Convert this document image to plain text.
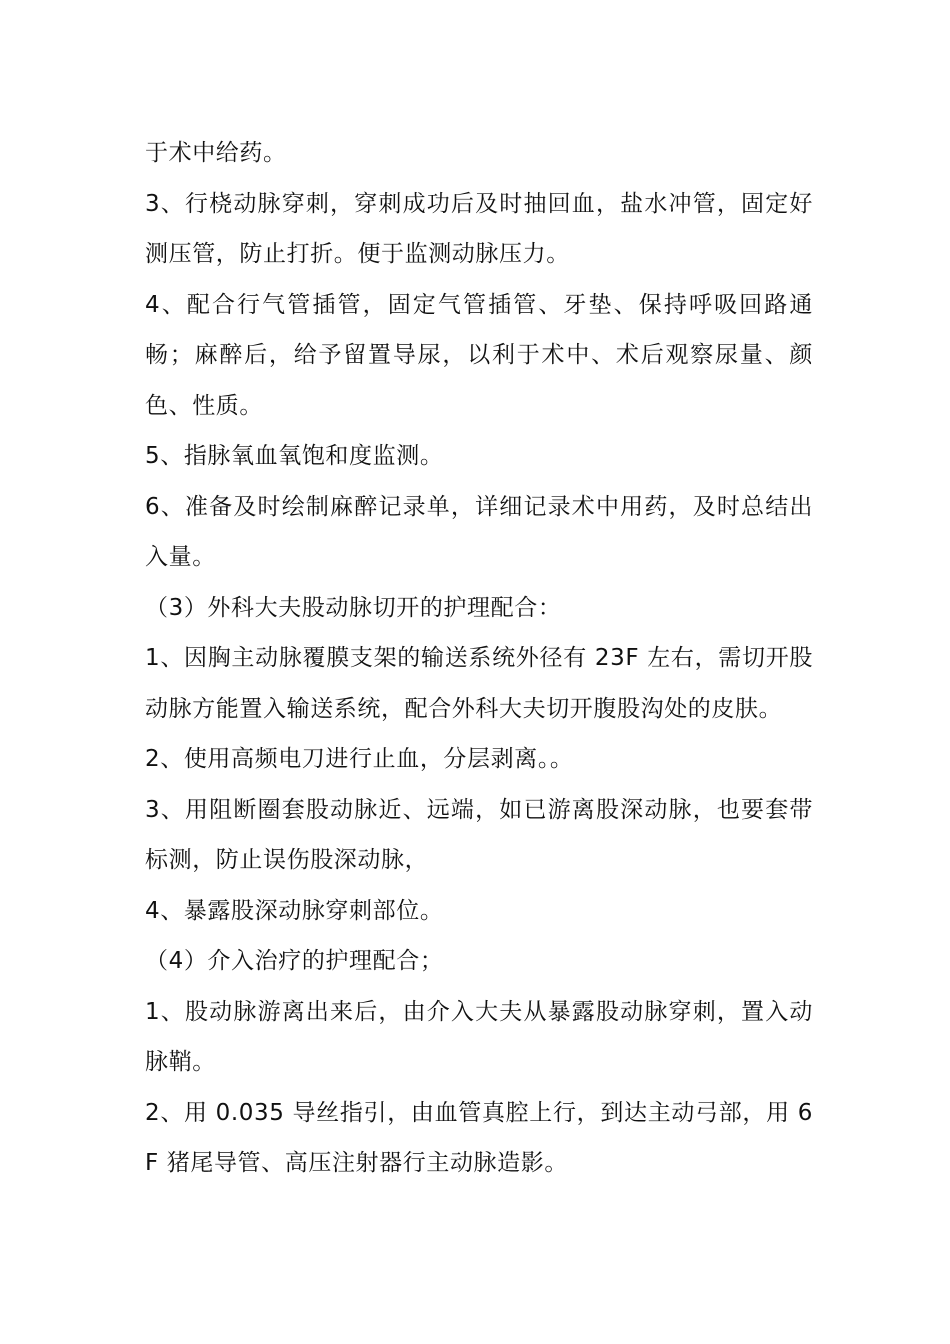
于术中给药。

3、行桡动脉穿刺，穿刺成功后及时抽回血，盐水冲管，固定好测压管，防止打折。便于监测动脉压力。

4、配合行气管插管，固定气管插管、牙垫、保持呼吸回路通畅；麻醉后，给予留置导尿，以利于术中、术后观察尿量、颜色、性质。

5、指脉氧血氧饱和度监测。

6、准备及时绘制麻醉记录单，详细记录术中用药，及时总结出入量。

（3）外科大夫股动脉切开的护理配合：

1、因胸主动脉覆膜支架的输送系统外径有 23F 左右，需切开股动脉方能置入输送系统，配合外科大夫切开腹股沟处的皮肤。

2、使用高频电刀进行止血，分层剥离。。

3、用阻断圈套股动脉近、远端，如已游离股深动脉，也要套带标测，防止误伤股深动脉，

4、暴露股深动脉穿刺部位。

（4）介入治疗的护理配合；

1、股动脉游离出来后，由介入大夫从暴露股动脉穿刺，置入动脉鞘。

2、用 0.035 导丝指引，由血管真腔上行，到达主动弓部，用 6F 猪尾导管、高压注射器行主动脉造影。
